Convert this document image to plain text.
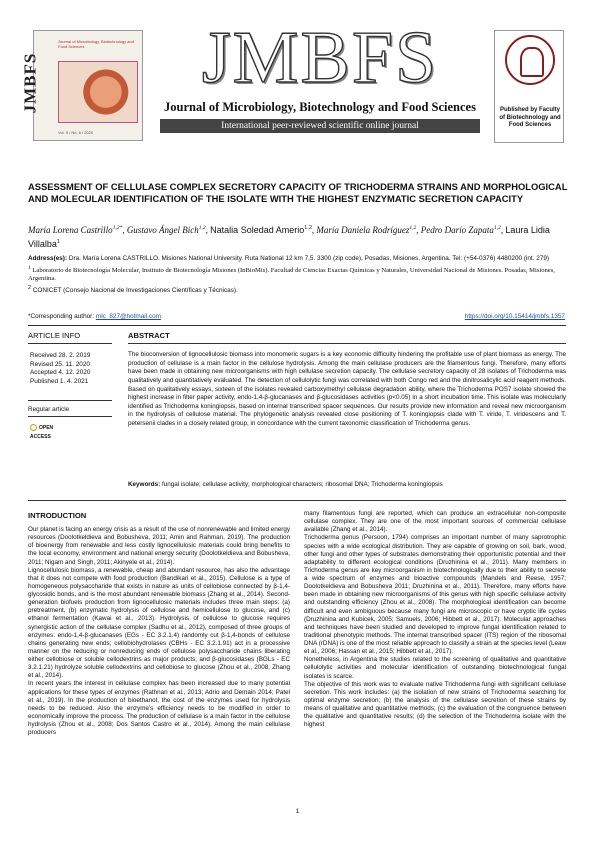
JMBFS
Journal of Microbiology, Biotechnology and Food Sciences
Vol. 9 / No. 6 / 2020
JMBFS
Journal of Microbiology, Biotechnology and Food Sciences
International peer-reviewed scientific online journal
Published by Faculty of Biotechnology and Food Sciences
ASSESSMENT OF CELLULASE COMPLEX SECRETORY CAPACITY OF TRICHODERMA STRAINS AND MORPHOLOGICAL AND MOLECULAR IDENTIFICATION OF THE ISOLATE WITH THE HIGHEST ENZYMATIC SECRETION CAPACITY
María Lorena Castrillo$^{1,2*}$, Gustavo Ángel Bich$^{1,2}$, Natalia Soledad Amerio$^{1,2}$, María Daniela Rodríguez$^{1,2}$, Pedro Darío Zapata$^{1,2}$, Laura Lidia Villalba$^1$

Address(es): Dra. María Lorena CASTRILLO. Misiones National University. Ruta National 12 km 7,5. 3300 (zip code), Posadas, Misiones, Argentina. Tel: (+54-0376) 4480200 (int. 279)

$^1$ Laboratorio de Biotecnología Molecular, Instituto de Biotecnología Misiones (InBioMis). Facultad de Ciencias Exactas Químicas y Naturales, Universidad Nacional de Misiones. Posadas, Misiones, Argentina.

$^2$ CONICET (Consejo Nacional de Investigaciones Científicas y Técnicas).

*Corresponding author: mlc_827@hotmail.com	https://doi.org/10.15414/jmbfs.1357
ARTICLE INFO
Received 28. 2. 2019
Revised 25. 11. 2020
Accepted 4. 12. 2020
Published 1. 4. 2021
Regular article
OPEN ACCESS
ABSTRACT
The bioconversion of lignocellulosic biomass into monomeric sugars is a key economic difficulty hindering the profitable use of plant biomass as energy. The production of cellulase is a main factor in the cellulose hydrolysis. Among the main cellulase producers are the filamentous fungi. Therefore, many efforts have been made in obtaining new microorganisms with high cellulase secretion capacity. The cellulase secretory capacity of 28 isolates of Trichoderma was qualitatively and quantitatively evaluated. The detection of cellulolytic fungi was correlated with both Congo red and the dinitrosalicylic acid reagent methods. Based on qualitatively essays, sixteen of the isolates revealed carboxymethyl cellulase degradation ability, where the Trichoderma POS7 isolate showed the highest increase in filter paper activity, endo-1,4-β-glucanases and β-glucosidases activities (p<0.05) in a short incubation time. This isolate was molecularly identified as Trichoderma koningiopsis, based on internal transcribed spacer sequences. Our results provide new information and reveal new microorganism in the hydrolysis of cellulose material. The phylogenetic analysis revealed close positioning of T. koningiopsis clade with T. viride, T. viridescens and T. petersenii clades in a closely related group, in concordance with the current taxonomic classification of Trichoderma genus.
Keywords: fungal isolate; cellulase activity; morphological characters; ribosomal DNA; Trichoderma koningiopsis
INTRODUCTION

Our planet is facing an energy crisis as a result of the use of nonrenewable and limited energy resources (Doolotkeldieva and Bobusheva, 2011; Amin and Rahman, 2019). The production of bioenergy from renewable and less costly lignocellulosic materials could bring benefits to the local economy, environment and national energy security (Doolotkeldieva and Bobusheva, 2011; Nigam and Singh, 2011; Akinyele et al., 2014).

Lignocellulosic biomass, a renewable, cheap and abundant resource, has also the advantage that it does not compete with food production (Bandikari et al., 2015). Cellulose is a type of homogeneous polysaccharide that exists in nature as units of cellobiose connected by β-1,4-glycosidic bonds, and is the most abundant renewable biomass (Zhang et al., 2014). Second-generation biofuels production from lignocellulosic materials includes three main steps: (a) pretreatment, (b) enzymatic hydrolysis of cellulose and hemicellulose to glucose, and (c) ethanol fermentation (Kawai et al., 2013). Hydrolysis of cellulose to glucose requires synergistic action of the cellulase complex (Sadhu et al., 2012), composed of three groups of enzymes: endo-1,4-β-glucanases (EGs - EC 3.2.1.4) randomly cut β-1,4-bonds of cellulose chains generating new ends; cellobiohydrolases (CBHs - EC 3.2.1.91) act in a processive manner on the reducing or nonreducing ends of cellulose polysaccharide chains liberating either cellobiose or soluble cellodextrins as major products; and β-glucosidases (BGLs - EC 3.2.1.21) hydrolyze soluble cellodextrins and cellobiose to glucose (Zhou et al., 2008; Zhang et al., 2014).

In recent years the interest in cellulase complex has been increased due to many potential applications for these types of enzymes (Rathnan et al., 2013; Adrio and Demain 2014; Patel et al., 2019). In the production of bioethanol, the cost of the enzymes used for hydrolysis needs to be reduced. Also the enzyme's efficiency needs to be modified in order to economically improve the process. The production of cellulase is a main factor in the cellulose hydrolysis (Zhou et al., 2008; Dos Santos Castro et al., 2014). Among the main cellulase producers

many filamentous fungi are reported, which can produce an extracellular non-composite cellulase complex. They are one of the most important sources of commercial cellulase available (Zhang et al., 2014).

Trichoderma genus (Persoon, 1794) comprises an important number of many saprotrophic species with a wide ecological distribution. They are capable of growing on soil, bark, wood, other fungi and other types of substrates demonstrating their opportunistic potential and their adaptability to different ecological conditions (Druzhinina et al., 2011). Many members in Trichoderma genus are key microorganism in biotechnologically due to their ability to secrete a wide spectrum of enzymes and bioactive compounds (Mandels and Reese, 1957; Doolotkeldieva and Bobusheva 2011; Druzhinina et al., 2011). Therefore, many efforts have been made in obtaining new microorganisms of this genus with high specific cellulase activity and outstanding efficiency (Zhou et al., 2008). The morphological identification can become difficult and even ambiguous because many fungi are microscopic or have cryptic life cycles (Druzhinina and Kubicek, 2005; Samuels, 2006; Hibbett et al., 2017). Molecular approaches and techniques have been studied and developed to improve fungal identification related to traditional phenotypic methods. The internal transcribed spacer (ITS) region of the ribosomal DNA (rDNA) is one of the most reliable approach to classify a strain at the species level (Leaw et al., 2006; Hassan et al., 2015; Hibbett et al., 2017).

Nonetheless, in Argentina the studies related to the screening of qualitative and quantitative cellulolytic activities and molecular identification of outstanding biotechnological fungal isolates is scarce.

The objective of this work was to evaluate native Trichoderma fungi with significant cellulase secretion. This work includes: (a) the isolation of new strains of Trichoderma searching for optimal enzyme secretion; (b) the analysis of the cellulase secretion of these strains by means of qualitative and quantitative methods; (c) the evaluation of the congruence between the qualitative and quantitative results; (d) the selection of the Trichoderma isolate with the highest

1
